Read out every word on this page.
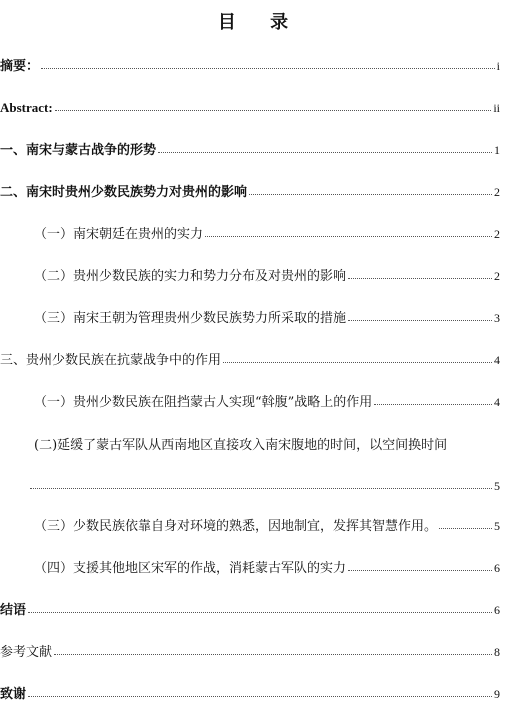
目 录
摘要：	i
Abstract:	ii
一、南宋与蒙古战争的形势	1
二、南宋时贵州少数民族势力对贵州的影响	2
（一）南宋朝廷在贵州的实力	2
（二）贵州少数民族的实力和势力分布及对贵州的影响	2
（三）南宋王朝为管理贵州少数民族势力所采取的措施	3
三、贵州少数民族在抗蒙战争中的作用	4
（一）贵州少数民族在阻挡蒙古人实现“斡腹”战略上的作用	4
(二)延缓了蒙古军队从西南地区直接攻入南宋腹地的时间，以空间换时间
5
（三）少数民族依靠自身对环境的熟悉，因地制宜，发挥其智慧作用。	5
（四）支援其他地区宋军的作战，消耗蒙古军队的实力	6
结语	6
参考文献	8
致谢	9
